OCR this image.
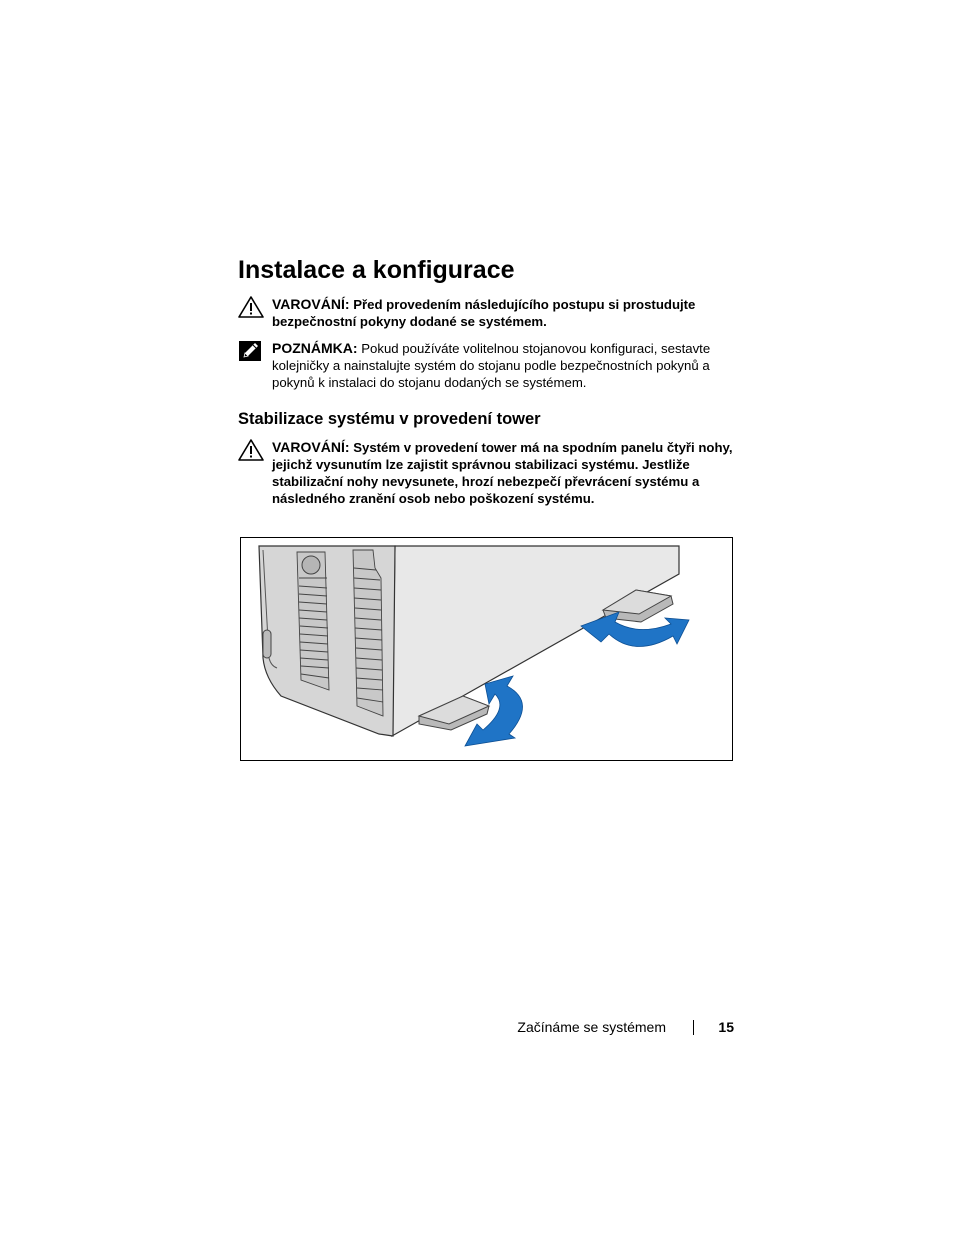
Instalace a konfigurace
VAROVÁNÍ: Před provedením následujícího postupu si prostudujte bezpečnostní pokyny dodané se systémem.
POZNÁMKA: Pokud používáte volitelnou stojanovou konfiguraci, sestavte kolejničky a nainstalujte systém do stojanu podle bezpečnostních pokynů a pokynů k instalaci do stojanu dodaných se systémem.
Stabilizace systému v provedení tower
VAROVÁNÍ: Systém v provedení tower má na spodním panelu čtyři nohy, jejichž vysunutím lze zajistit správnou stabilizaci systému. Jestliže stabilizační nohy nevysunete, hrozí nebezpečí převrácení systému a následného zranění osob nebo poškození systému.
Začínáme se systémem	15
